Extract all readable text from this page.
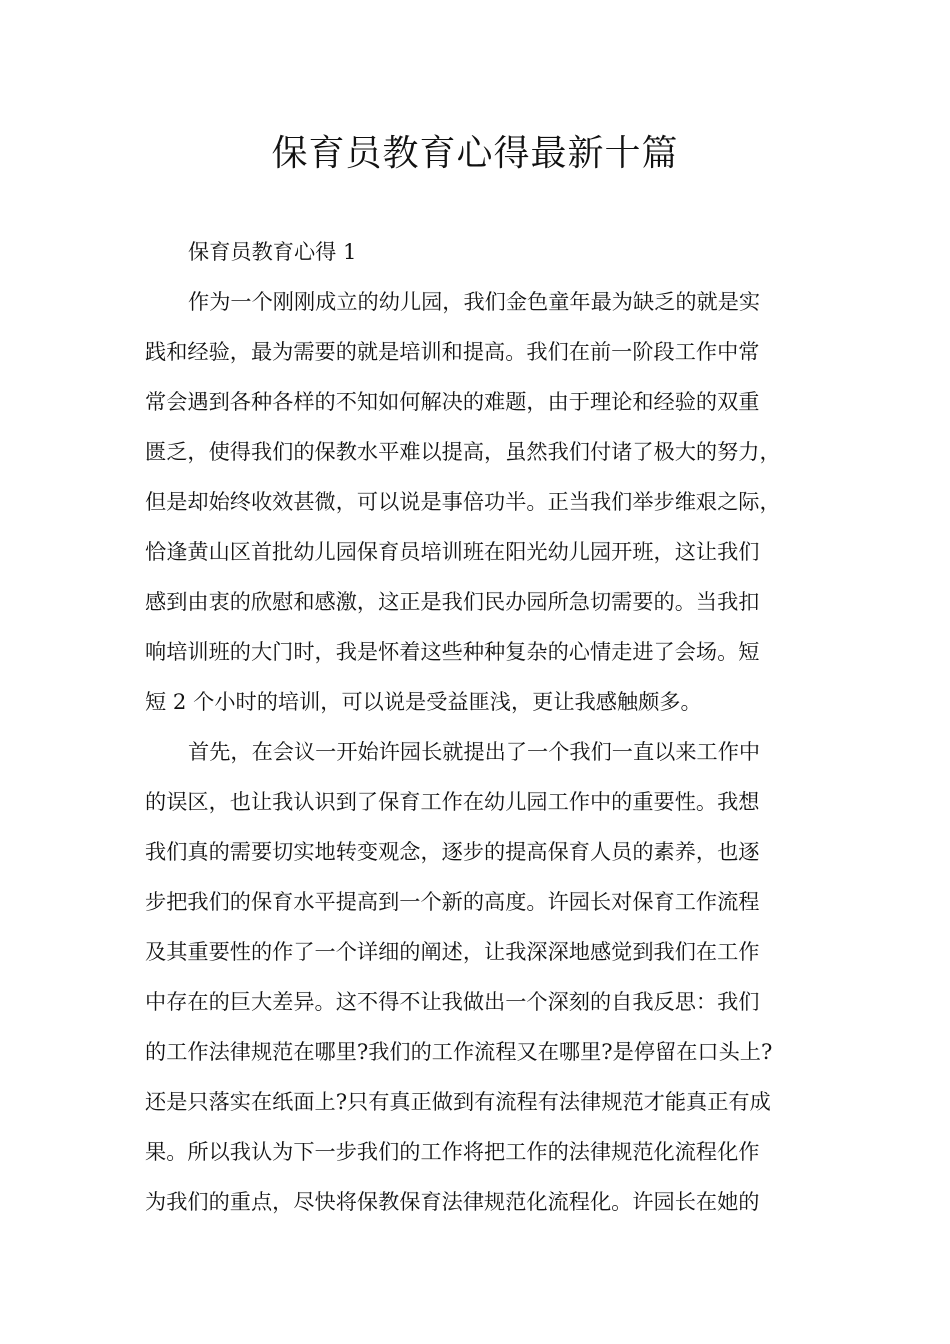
保育员教育心得最新十篇
保育员教育心得 1
作为一个刚刚成立的幼儿园，我们金色童年最为缺乏的就是实
践和经验，最为需要的就是培训和提高。我们在前一阶段工作中常
常会遇到各种各样的不知如何解决的难题，由于理论和经验的双重
匮乏，使得我们的保教水平难以提高，虽然我们付诸了极大的努力，
但是却始终收效甚微，可以说是事倍功半。正当我们举步维艰之际，
恰逢黄山区首批幼儿园保育员培训班在阳光幼儿园开班，这让我们
感到由衷的欣慰和感激，这正是我们民办园所急切需要的。当我扣
响培训班的大门时，我是怀着这些种种复杂的心情走进了会场。短
短 2 个小时的培训，可以说是受益匪浅，更让我感触颇多。
首先，在会议一开始许园长就提出了一个我们一直以来工作中
的误区，也让我认识到了保育工作在幼儿园工作中的重要性。我想
我们真的需要切实地转变观念，逐步的提高保育人员的素养，也逐
步把我们的保育水平提高到一个新的高度。许园长对保育工作流程
及其重要性的作了一个详细的阐述，让我深深地感觉到我们在工作
中存在的巨大差异。这不得不让我做出一个深刻的自我反思：我们
的工作法律规范在哪里?我们的工作流程又在哪里?是停留在口头上?
还是只落实在纸面上?只有真正做到有流程有法律规范才能真正有成
果。所以我认为下一步我们的工作将把工作的法律规范化流程化作
为我们的重点，尽快将保教保育法律规范化流程化。许园长在她的
